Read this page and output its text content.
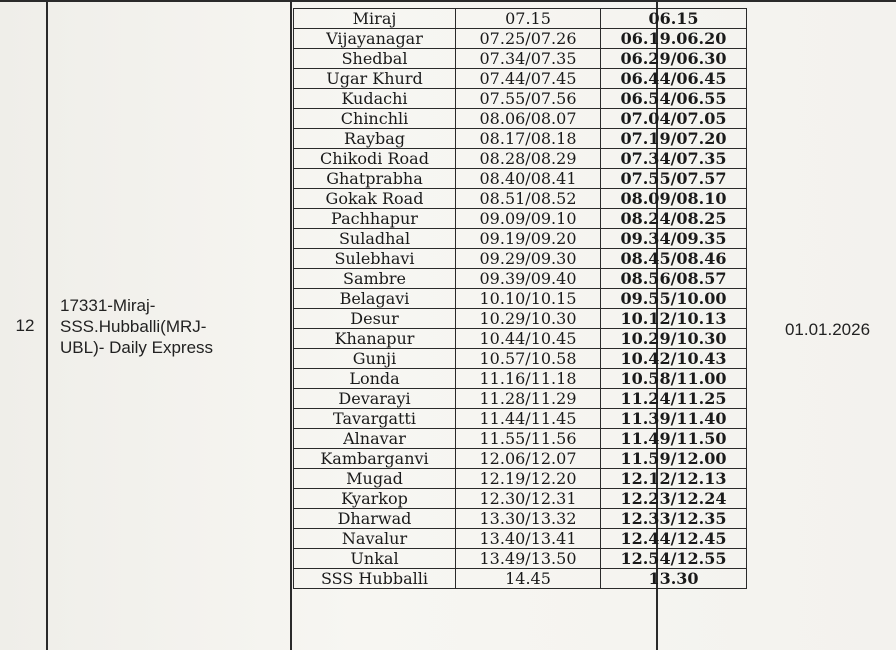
12
17331-Miraj-
SSS.Hubballi(MRJ-
UBL)- Daily Express
01.01.2026
Miraj	07.15	06.15
Vijayanagar	07.25/07.26	06.19.06.20
Shedbal	07.34/07.35	06.29/06.30
Ugar Khurd	07.44/07.45	06.44/06.45
Kudachi	07.55/07.56	06.54/06.55
Chinchli	08.06/08.07	07.04/07.05
Raybag	08.17/08.18	07.19/07.20
Chikodi Road	08.28/08.29	07.34/07.35
Ghatprabha	08.40/08.41	07.55/07.57
Gokak Road	08.51/08.52	08.09/08.10
Pachhapur	09.09/09.10	08.24/08.25
Suladhal	09.19/09.20	09.34/09.35
Sulebhavi	09.29/09.30	08.45/08.46
Sambre	09.39/09.40	08.56/08.57
Belagavi	10.10/10.15	09.55/10.00
Desur	10.29/10.30	10.12/10.13
Khanapur	10.44/10.45	10.29/10.30
Gunji	10.57/10.58	10.42/10.43
Londa	11.16/11.18	10.58/11.00
Devarayi	11.28/11.29	11.24/11.25
Tavargatti	11.44/11.45	11.39/11.40
Alnavar	11.55/11.56	11.49/11.50
Kambarganvi	12.06/12.07	11.59/12.00
Mugad	12.19/12.20	12.12/12.13
Kyarkop	12.30/12.31	12.23/12.24
Dharwad	13.30/13.32	12.33/12.35
Navalur	13.40/13.41	12.44/12.45
Unkal	13.49/13.50	12.54/12.55
SSS Hubballi	14.45	13.30
